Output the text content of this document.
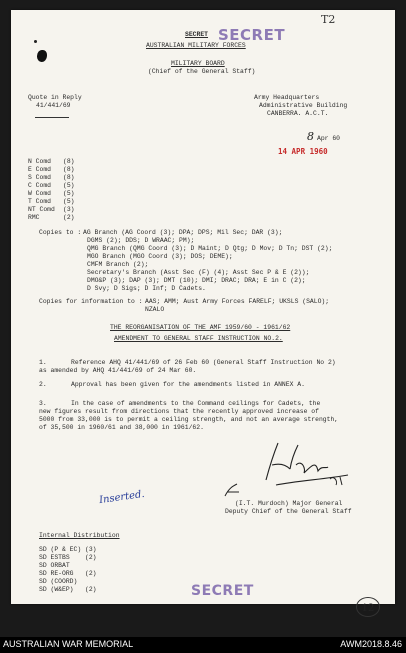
SECRET SECRET
T2
AUSTRALIAN MILITARY FORCES
MILITARY BOARD
(Chief of the General Staff)
Quote in Reply
41/441/69
Army Headquarters
Administrative Building
CANBERRA. A.C.T.
8 Apr 60
14 APR 1960
N Comd (8)
E Comd (8)
S Comd (8)
C Comd (5)
W Comd (5)
T Comd (5)
NT Comd (3)
RMC	(2)
Copies to : AG Branch (AG Coord (3); DPA; DPS; Mil Sec; DAR (3);
DGMS (2); DDS; D WRAAC; PM);
QMG Branch (QMG Coord (3); D Maint; D Qtg; D Mov; D Tn; DST (2);
MGO Branch (MGO Coord (3); DOS; DEME);
CMFM Branch (2);
Secretary's Branch (Asst Sec (F) (4); Asst Sec P & E (2));
DMO&P (3); DAP (3); DMT (10); DMI; DRAC; DRA; E in C (2);
D Svy; D Sigs; D Inf; D Cadets.
Copies for information to : AAS; AMM; Aust Army Forces FARELF; UKSLS (SALO);
NZALO
THE REORGANISATION OF THE AMF 1959/60 - 1961/62
AMENDMENT TO GENERAL STAFF INSTRUCTION NO.2.
1.	Reference AHQ 41/441/69 of 26 Feb 60 (General Staff Instruction No 2)
as amended by AHQ 41/441/69 of 24 Mar 60.
2.	Approval has been given for the amendments listed in ANNEX A.
3.	In the case of amendments to the Command ceilings for Cadets, the
new figures result from directions that the recently approved increase of
5000 from 33,000 is to permit a ceiling strength, and not an average strength,
of 35,500 in 1960/61 and 38,000 in 1961/62.
Inserted.	(I.T. Murdoch) Major General
Deputy Chief of the General Staff
Internal Distribution
SD (P & EC) (3)
SD ESTBS (2)
SD ORBAT
SD RE-ORG (2)
SD (COORD)
SD (W&EP) (2)	SECRET
12
AUSTRALIAN WAR MEMORIAL	AWM2018.8.46
